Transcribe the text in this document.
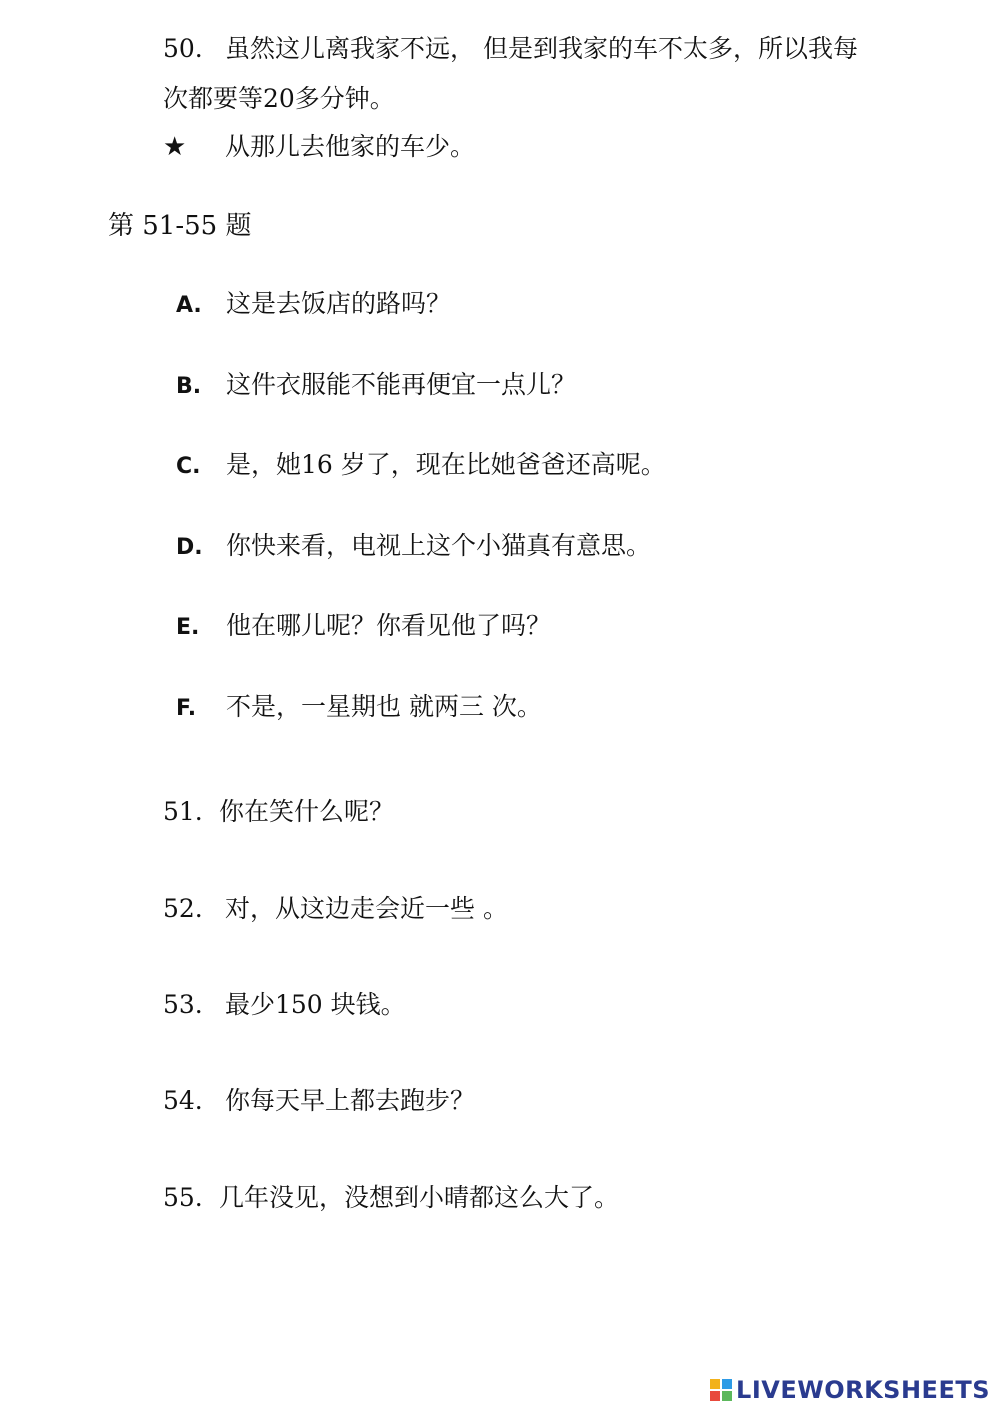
50. 虽然这儿离我家不远， 但是到我家的车不太多，所以我每
次都要等20多分钟。
★ 从那儿去他家的车少。
第 51-55 题
A. 这是去饭店的路吗？
B. 这件衣服能不能再便宜一点儿？
C. 是，她16 岁了，现在比她爸爸还高呢。
D. 你快来看，电视上这个小猫真有意思。
E. 他在哪儿呢？你看见他了吗？
F. 不是，一星期也 就两三 次。
51. 你在笑什么呢？
52. 对，从这边走会近一些 。
53. 最少150 块钱。
54. 你每天早上都去跑步？
55. 几年没见，没想到小晴都这么大了。
LIVEWORKSHEETS
